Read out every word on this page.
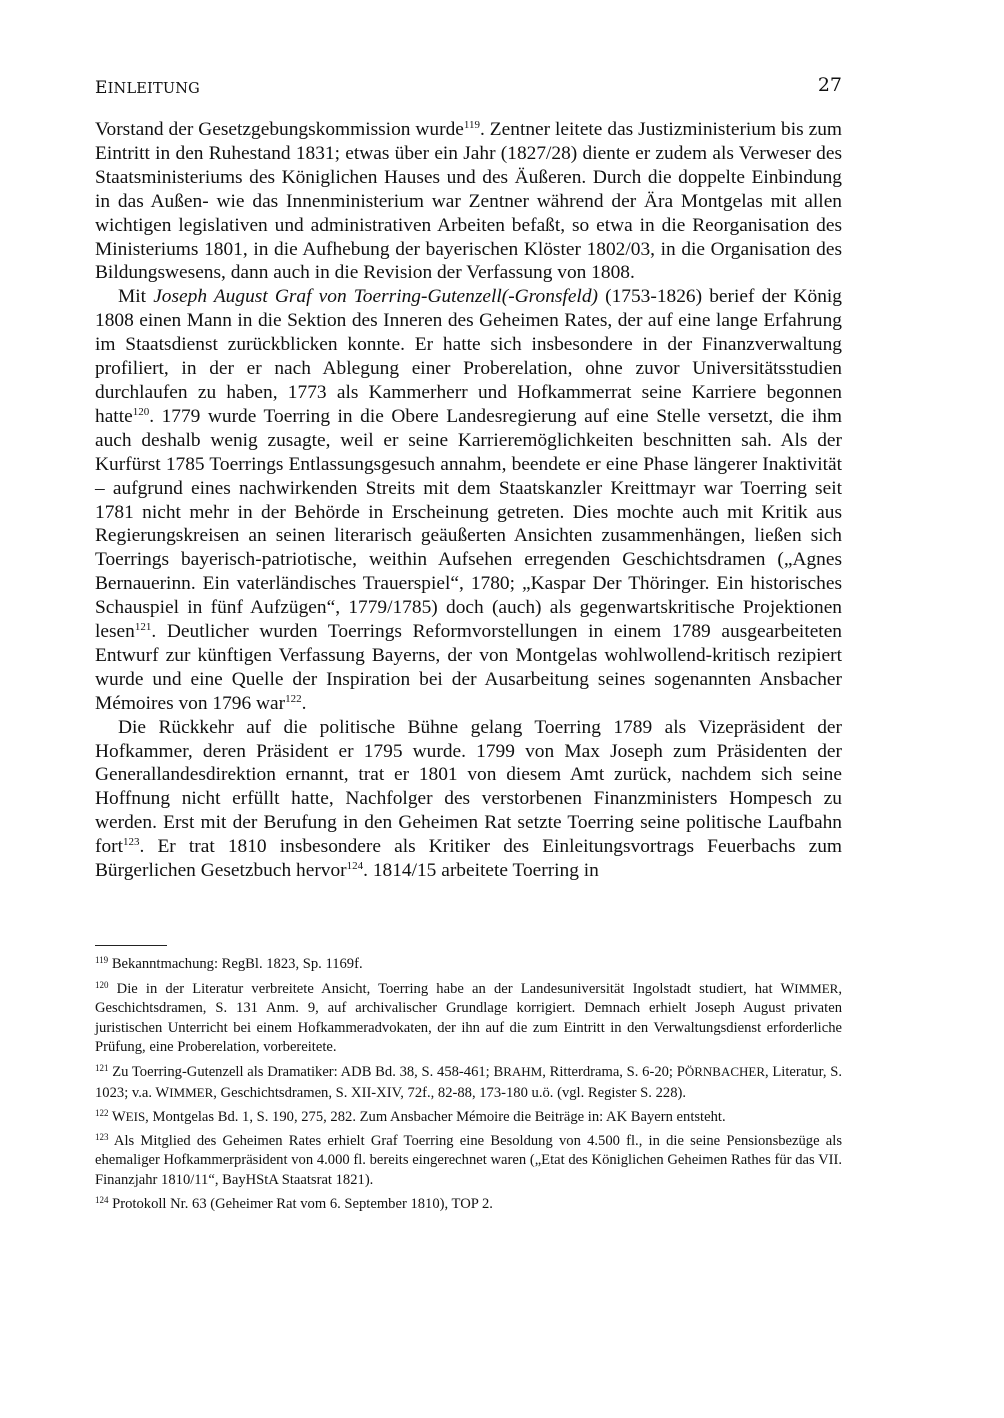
EINLEITUNG	27

Vorstand der Gesetzgebungskommission wurde$^{119}$. Zentner leitete das Justizministerium bis zum Eintritt in den Ruhestand 1831; etwas über ein Jahr (1827/28) diente er zudem als Verweser des Staatsministeriums des Königlichen Hauses und des Äußeren. Durch die doppelte Einbindung in das Außen- wie das Innenministerium war Zentner während der Ära Montgelas mit allen wichtigen legislativen und administrativen Arbeiten befaßt, so etwa in die Reorganisation des Ministeriums 1801, in die Aufhebung der bayerischen Klöster 1802/03, in die Organisation des Bildungswesens, dann auch in die Revision der Verfassung von 1808.

Mit Joseph August Graf von Toerring-Gutenzell(-Gronsfeld) (1753-1826) berief der König 1808 einen Mann in die Sektion des Inneren des Geheimen Rates, der auf eine lange Erfahrung im Staatsdienst zurückblicken konnte. Er hatte sich insbesondere in der Finanzverwaltung profiliert, in der er nach Ablegung einer Proberelation, ohne zuvor Universitätsstudien durchlaufen zu haben, 1773 als Kammerherr und Hofkammerrat seine Karriere begonnen hatte$^{120}$. 1779 wurde Toerring in die Obere Landesregierung auf eine Stelle versetzt, die ihm auch deshalb wenig zusagte, weil er seine Karrieremöglichkeiten beschnitten sah. Als der Kurfürst 1785 Toerrings Entlassungsgesuch annahm, beendete er eine Phase längerer Inaktivität – aufgrund eines nachwirkenden Streits mit dem Staatskanzler Kreittmayr war Toerring seit 1781 nicht mehr in der Behörde in Erscheinung getreten. Dies mochte auch mit Kritik aus Regierungskreisen an seinen literarisch geäußerten Ansichten zusammenhängen, ließen sich Toerrings bayerisch-patriotische, weithin Aufsehen erregenden Geschichtsdramen („Agnes Bernauerinn. Ein vaterländisches Trauerspiel“, 1780; „Kaspar Der Thöringer. Ein historisches Schauspiel in fünf Aufzügen“, 1779/1785) doch (auch) als gegenwartskritische Projektionen lesen$^{121}$. Deutlicher wurden Toerrings Reformvorstellungen in einem 1789 ausgearbeiteten Entwurf zur künftigen Verfassung Bayerns, der von Montgelas wohlwollend-kritisch rezipiert wurde und eine Quelle der Inspiration bei der Ausarbeitung seines sogenannten Ansbacher Mémoires von 1796 war$^{122}$.

Die Rückkehr auf die politische Bühne gelang Toerring 1789 als Vizepräsident der Hofkammer, deren Präsident er 1795 wurde. 1799 von Max Joseph zum Präsidenten der Generallandesdirektion ernannt, trat er 1801 von diesem Amt zurück, nachdem sich seine Hoffnung nicht erfüllt hatte, Nachfolger des verstorbenen Finanzministers Hompesch zu werden. Erst mit der Berufung in den Geheimen Rat setzte Toerring seine politische Laufbahn fort$^{123}$. Er trat 1810 insbesondere als Kritiker des Einleitungsvortrags Feuerbachs zum Bürgerlichen Gesetzbuch hervor$^{124}$. 1814/15 arbeitete Toerring in

$^{119}$ Bekanntmachung: RegBl. 1823, Sp. 1169f.

$^{120}$ Die in der Literatur verbreitete Ansicht, Toerring habe an der Landesuniversität Ingolstadt studiert, hat WIMMER, Geschichtsdramen, S. 131 Anm. 9, auf archivalischer Grundlage korrigiert. Demnach erhielt Joseph August privaten juristischen Unterricht bei einem Hofkammeradvokaten, der ihn auf die zum Eintritt in den Verwaltungsdienst erforderliche Prüfung, eine Proberelation, vorbereitete.

$^{121}$ Zu Toerring-Gutenzell als Dramatiker: ADB Bd. 38, S. 458-461; BRAHM, Ritterdrama, S. 6-20; PÖRNBACHER, Literatur, S. 1023; v.a. WIMMER, Geschichtsdramen, S. XII-XIV, 72f., 82-88, 173-180 u.ö. (vgl. Register S. 228).

$^{122}$ WEIS, Montgelas Bd. 1, S. 190, 275, 282. Zum Ansbacher Mémoire die Beiträge in: AK Bayern entsteht.

$^{123}$ Als Mitglied des Geheimen Rates erhielt Graf Toerring eine Besoldung von 4.500 fl., in die seine Pensionsbezüge als ehemaliger Hofkammerpräsident von 4.000 fl. bereits eingerechnet waren („Etat des Königlichen Geheimen Rathes für das VII. Finanzjahr 1810/11“, BayHStA Staatsrat 1821).

$^{124}$ Protokoll Nr. 63 (Geheimer Rat vom 6. September 1810), TOP 2.
